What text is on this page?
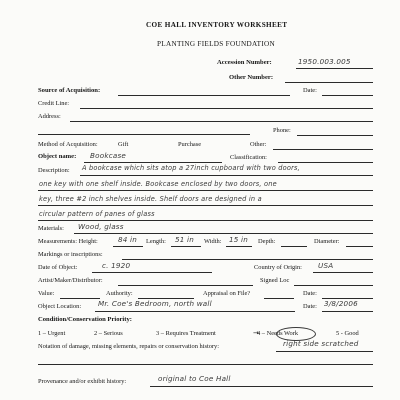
COE HALL INVENTORY WORKSHEET
PLANTING FIELDS FOUNDATION
Accession Number:	1950.003.005
Other Number:
Source of Acquisition:	Date:
Credit Line:
Address:
Phone:
Method of Acquisition:	Gift	Purchase	Other:
Object name: Bookcase	Classification:
Description: A bookcase which sits atop a 27inch cupboard with two doors,
one key with one shelf inside. Bookcase enclosed by two doors, one
key, three #2 inch shelves inside. Shelf doors are designed in a
circular pattern of panes of glass
Materials: Wood, glass
Measurements: Height:	84 in Length: 51 in Width: 15 in Depth:	Diameter:
Markings or inscriptions:
Date of Object:	c. 1920	Country of Origin: USA
Artist/Maker/Distributor:	Signed Loc
Value:	Authority:	Appraisal on File?	Date:
Object Location: Mr. Coe's Bedroom, north wall	Date: 3/8/2006
Condition/Conservation Priority:
1 – Urgent	2 – Serious	3 – Requires Treatment	→
4 – Needs Work	5 - Good
Notation of damage, missing elements, repairs or conservation history:	right side scratched
Provenance and/or exhibit history:	original to Coe Hall
